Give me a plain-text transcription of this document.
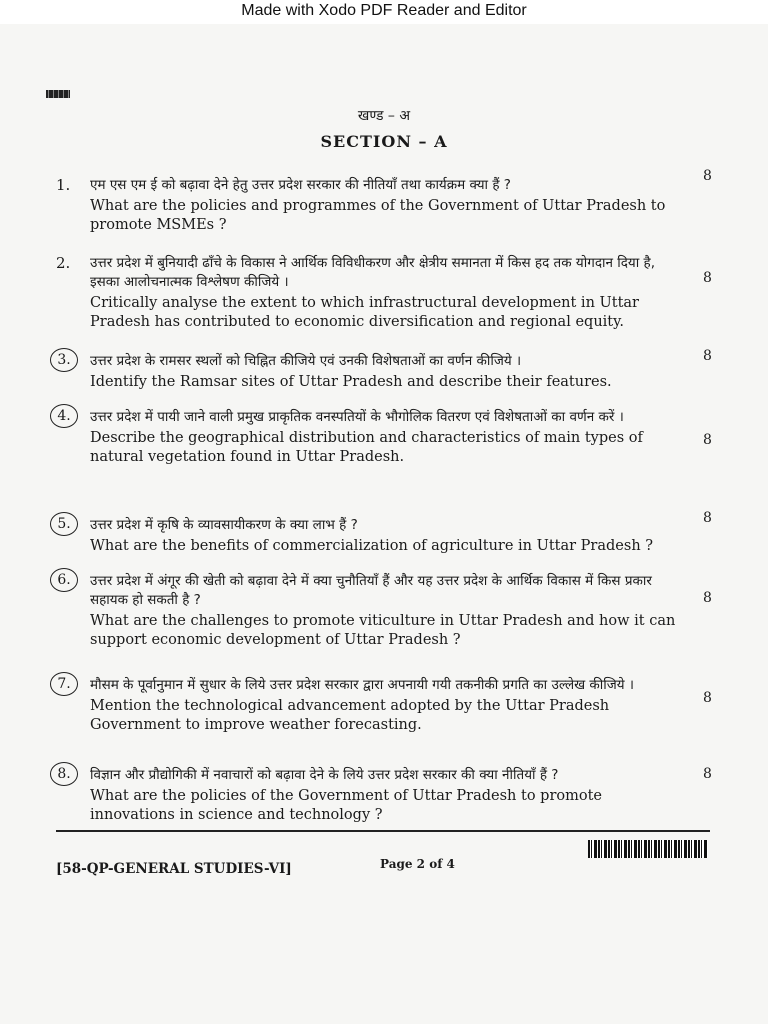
Made with Xodo PDF Reader and Editor
खण्ड – अ
SECTION – A
1.	एम एस एम ई को बढ़ावा देने हेतु उत्तर प्रदेश सरकार की नीतियाँ तथा कार्यक्रम क्या हैं ?
What are the policies and programmes of the Government of Uttar Pradesh to promote MSMEs ?
8
2.	उत्तर प्रदेश में बुनियादी ढाँचे के विकास ने आर्थिक विविधीकरण और क्षेत्रीय समानता में किस हद तक योगदान दिया है, इसका आलोचनात्मक विश्लेषण कीजिये ।
Critically analyse the extent to which infrastructural development in Uttar Pradesh has contributed to economic diversification and regional equity.
8
3.	उत्तर प्रदेश के रामसर स्थलों को चिह्नित कीजिये एवं उनकी विशेषताओं का वर्णन कीजिये ।
Identify the Ramsar sites of Uttar Pradesh and describe their features.
8
4.	उत्तर प्रदेश में पायी जाने वाली प्रमुख प्राकृतिक वनस्पतियों के भौगोलिक वितरण एवं विशेषताओं का वर्णन करें ।
Describe the geographical distribution and characteristics of main types of natural vegetation found in Uttar Pradesh.
8
5.	उत्तर प्रदेश में कृषि के व्यावसायीकरण के क्या लाभ हैं ?
What are the benefits of commercialization of agriculture in Uttar Pradesh ?
8
6.	उत्तर प्रदेश में अंगूर की खेती को बढ़ावा देने में क्या चुनौतियाँ हैं और यह उत्तर प्रदेश के आर्थिक विकास में किस प्रकार सहायक हो सकती है ?
What are the challenges to promote viticulture in Uttar Pradesh and how it can support economic development of Uttar Pradesh ?
8
7.	मौसम के पूर्वानुमान में सुधार के लिये उत्तर प्रदेश सरकार द्वारा अपनायी गयी तकनीकी प्रगति का उल्लेख कीजिये ।
Mention the technological advancement adopted by the Uttar Pradesh Government to improve weather forecasting.
8
8.	विज्ञान और प्रौद्योगिकी में नवाचारों को बढ़ावा देने के लिये उत्तर प्रदेश सरकार की क्या नीतियाँ हैं ?
What are the policies of the Government of Uttar Pradesh to promote innovations in science and technology ?
8
[58-QP-GENERAL STUDIES-VI]	Page 2 of 4
